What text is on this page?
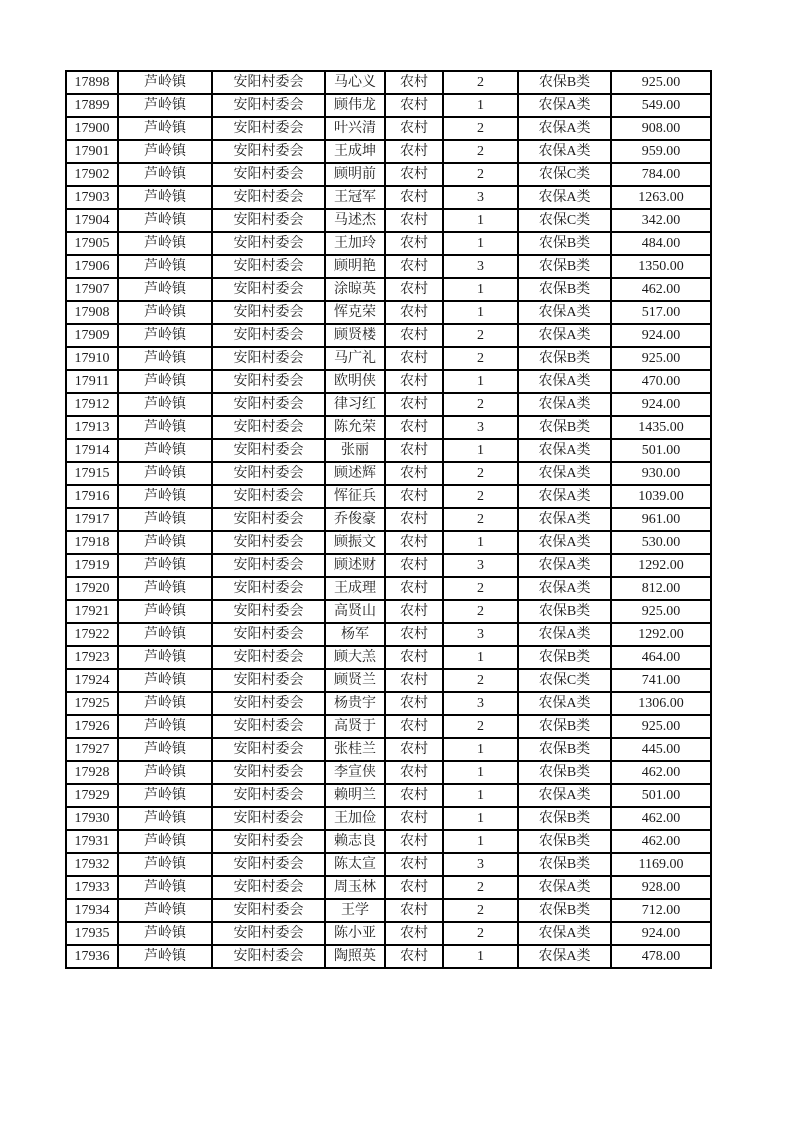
17898	芦岭镇	安阳村委会	马心义	农村	2	农保B类	925.00
17899	芦岭镇	安阳村委会	顾伟龙	农村	1	农保A类	549.00
17900	芦岭镇	安阳村委会	叶兴清	农村	2	农保A类	908.00
17901	芦岭镇	安阳村委会	王成坤	农村	2	农保A类	959.00
17902	芦岭镇	安阳村委会	顾明前	农村	2	农保C类	784.00
17903	芦岭镇	安阳村委会	王冠军	农村	3	农保A类	1263.00
17904	芦岭镇	安阳村委会	马述杰	农村	1	农保C类	342.00
17905	芦岭镇	安阳村委会	王加玲	农村	1	农保B类	484.00
17906	芦岭镇	安阳村委会	顾明艳	农村	3	农保B类	1350.00
17907	芦岭镇	安阳村委会	涂晾英	农村	1	农保B类	462.00
17908	芦岭镇	安阳村委会	恽克荣	农村	1	农保A类	517.00
17909	芦岭镇	安阳村委会	顾贤楼	农村	2	农保A类	924.00
17910	芦岭镇	安阳村委会	马广礼	农村	2	农保B类	925.00
17911	芦岭镇	安阳村委会	欧明侠	农村	1	农保A类	470.00
17912	芦岭镇	安阳村委会	律习红	农村	2	农保A类	924.00
17913	芦岭镇	安阳村委会	陈允荣	农村	3	农保B类	1435.00
17914	芦岭镇	安阳村委会	张丽	农村	1	农保A类	501.00
17915	芦岭镇	安阳村委会	顾述辉	农村	2	农保A类	930.00
17916	芦岭镇	安阳村委会	恽征兵	农村	2	农保A类	1039.00
17917	芦岭镇	安阳村委会	乔俊豪	农村	2	农保A类	961.00
17918	芦岭镇	安阳村委会	顾振文	农村	1	农保A类	530.00
17919	芦岭镇	安阳村委会	顾述财	农村	3	农保A类	1292.00
17920	芦岭镇	安阳村委会	王成理	农村	2	农保A类	812.00
17921	芦岭镇	安阳村委会	高贤山	农村	2	农保B类	925.00
17922	芦岭镇	安阳村委会	杨军	农村	3	农保A类	1292.00
17923	芦岭镇	安阳村委会	顾大羔	农村	1	农保B类	464.00
17924	芦岭镇	安阳村委会	顾贤兰	农村	2	农保C类	741.00
17925	芦岭镇	安阳村委会	杨贵宇	农村	3	农保A类	1306.00
17926	芦岭镇	安阳村委会	高贤于	农村	2	农保B类	925.00
17927	芦岭镇	安阳村委会	张桂兰	农村	1	农保B类	445.00
17928	芦岭镇	安阳村委会	李宣侠	农村	1	农保B类	462.00
17929	芦岭镇	安阳村委会	赖明兰	农村	1	农保A类	501.00
17930	芦岭镇	安阳村委会	王加俭	农村	1	农保B类	462.00
17931	芦岭镇	安阳村委会	赖志良	农村	1	农保B类	462.00
17932	芦岭镇	安阳村委会	陈太宣	农村	3	农保B类	1169.00
17933	芦岭镇	安阳村委会	周玉林	农村	2	农保A类	928.00
17934	芦岭镇	安阳村委会	王学	农村	2	农保B类	712.00
17935	芦岭镇	安阳村委会	陈小亚	农村	2	农保A类	924.00
17936	芦岭镇	安阳村委会	陶照英	农村	1	农保A类	478.00
